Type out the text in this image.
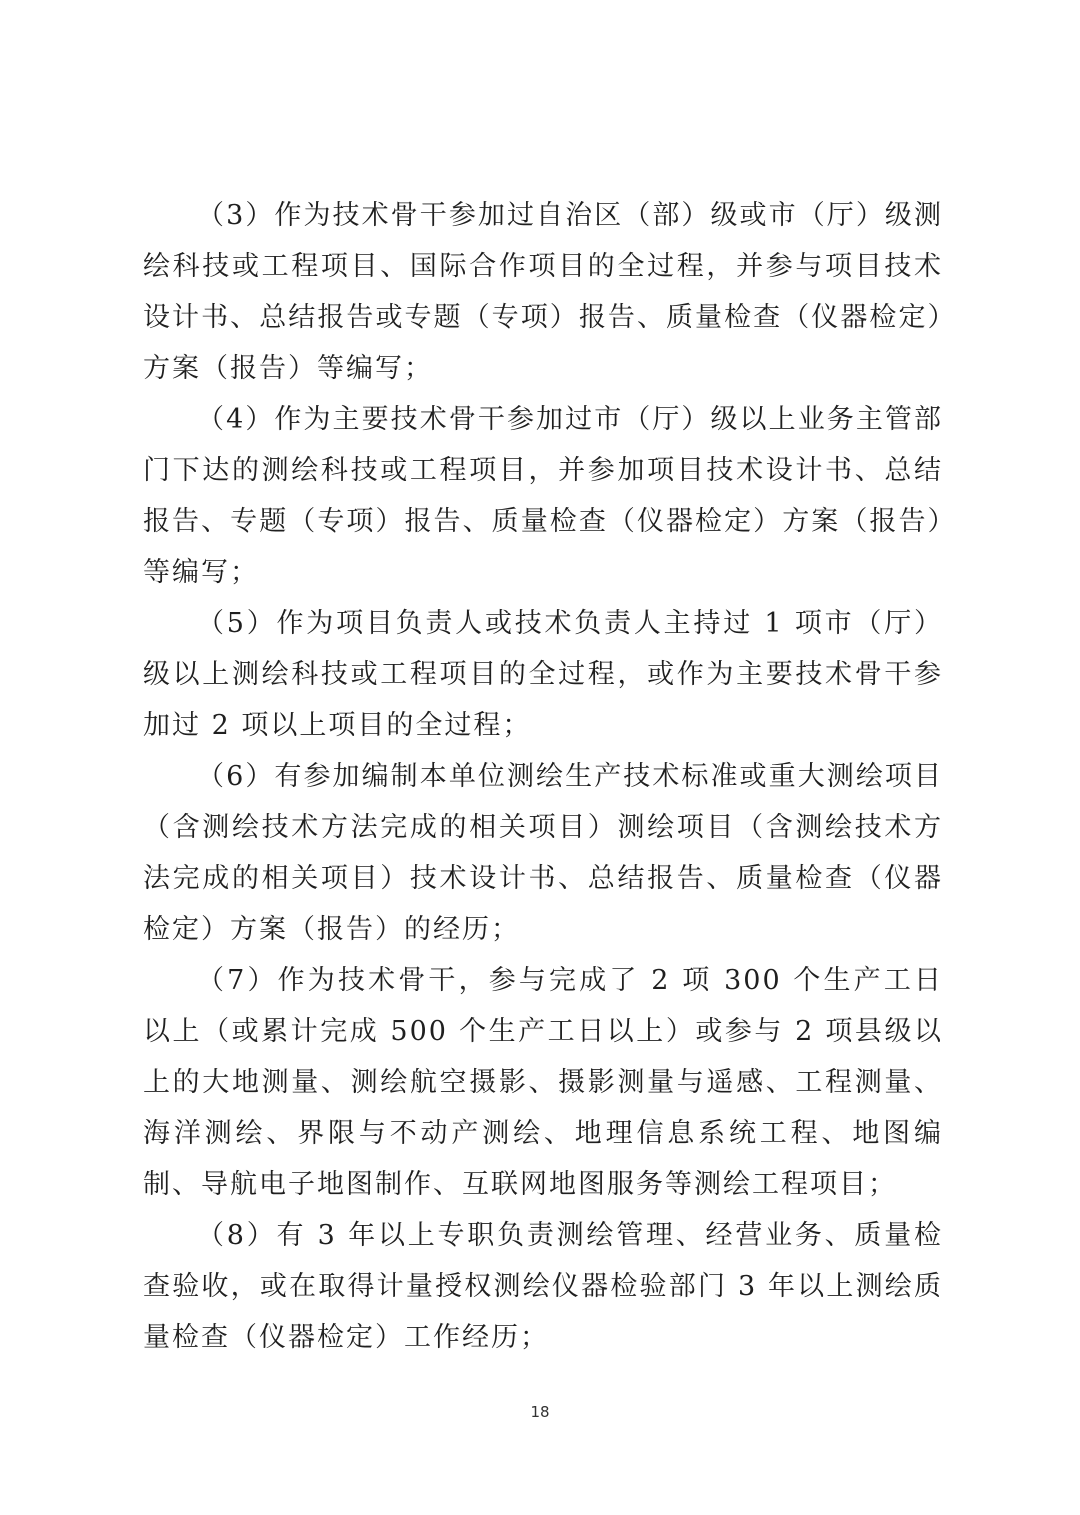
（3）作为技术骨干参加过自治区（部）级或市（厅）级测绘科技或工程项目、国际合作项目的全过程，并参与项目技术设计书、总结报告或专题（专项）报告、质量检查（仪器检定）方案（报告）等编写；

（4）作为主要技术骨干参加过市（厅）级以上业务主管部门下达的测绘科技或工程项目，并参加项目技术设计书、总结报告、专题（专项）报告、质量检查（仪器检定）方案（报告）等编写；

（5）作为项目负责人或技术负责人主持过 1 项市（厅）级以上测绘科技或工程项目的全过程，或作为主要技术骨干参加过 2 项以上项目的全过程；

（6）有参加编制本单位测绘生产技术标准或重大测绘项目（含测绘技术方法完成的相关项目）测绘项目（含测绘技术方法完成的相关项目）技术设计书、总结报告、质量检查（仪器检定）方案（报告）的经历；

（7）作为技术骨干，参与完成了 2 项 300 个生产工日以上（或累计完成 500 个生产工日以上）或参与 2 项县级以上的大地测量、测绘航空摄影、摄影测量与遥感、工程测量、海洋测绘、界限与不动产测绘、地理信息系统工程、地图编制、导航电子地图制作、互联网地图服务等测绘工程项目；

（8）有 3 年以上专职负责测绘管理、经营业务、质量检查验收，或在取得计量授权测绘仪器检验部门 3 年以上测绘质量检查（仪器检定）工作经历；

18
